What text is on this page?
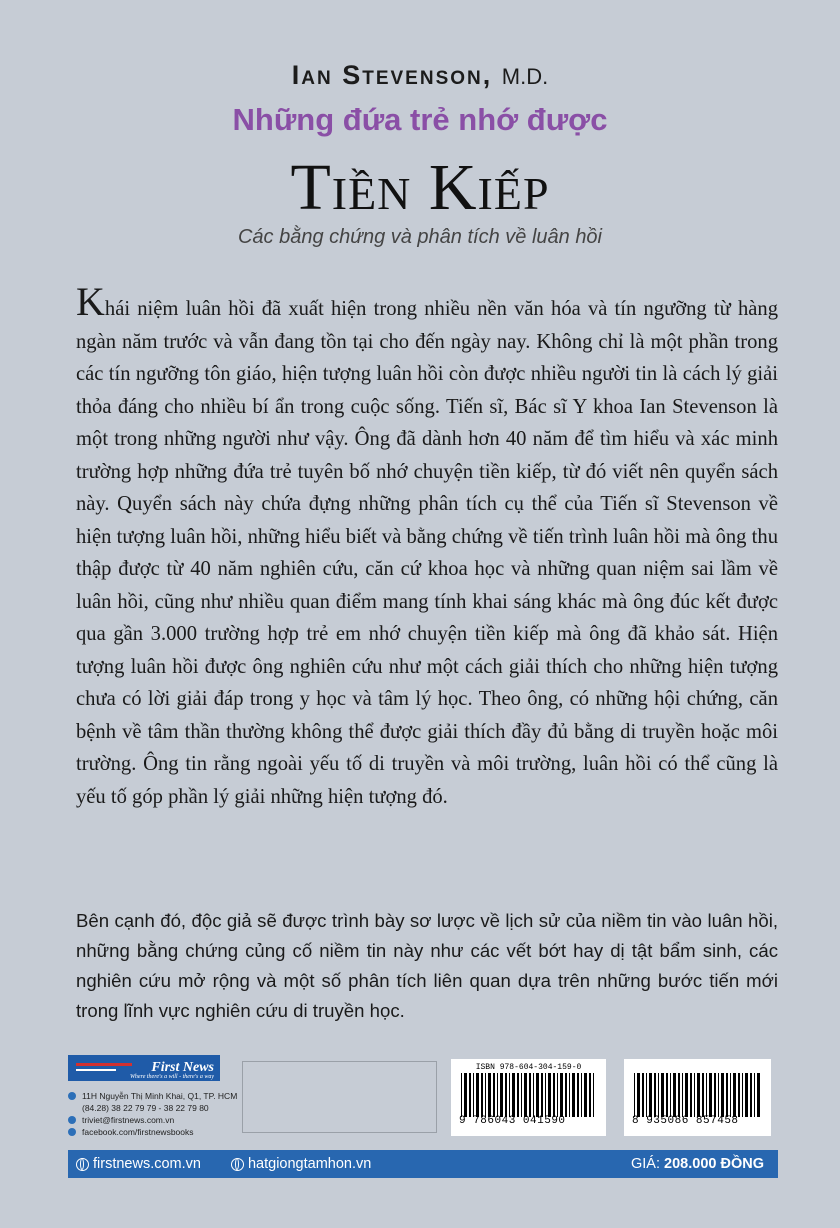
Ian Stevenson, M.D.
Những đứa trẻ nhớ được
Tiền Kiếp
Các bằng chứng và phân tích về luân hồi

Khái niệm luân hồi đã xuất hiện trong nhiều nền văn hóa và tín ngưỡng từ hàng ngàn năm trước và vẫn đang tồn tại cho đến ngày nay. Không chỉ là một phần trong các tín ngưỡng tôn giáo, hiện tượng luân hồi còn được nhiều người tin là cách lý giải thỏa đáng cho nhiều bí ẩn trong cuộc sống. Tiến sĩ, Bác sĩ Y khoa Ian Stevenson là một trong những người như vậy. Ông đã dành hơn 40 năm để tìm hiểu và xác minh trường hợp những đứa trẻ tuyên bố nhớ chuyện tiền kiếp, từ đó viết nên quyển sách này. Quyển sách này chứa đựng những phân tích cụ thể của Tiến sĩ Stevenson về hiện tượng luân hồi, những hiểu biết và bằng chứng về tiến trình luân hồi mà ông thu thập được từ 40 năm nghiên cứu, căn cứ khoa học và những quan niệm sai lầm về luân hồi, cũng như nhiều quan điểm mang tính khai sáng khác mà ông đúc kết được qua gần 3.000 trường hợp trẻ em nhớ chuyện tiền kiếp mà ông đã khảo sát. Hiện tượng luân hồi được ông nghiên cứu như một cách giải thích cho những hiện tượng chưa có lời giải đáp trong y học và tâm lý học. Theo ông, có những hội chứng, căn bệnh về tâm thần thường không thể được giải thích đầy đủ bằng di truyền hoặc môi trường. Ông tin rằng ngoài yếu tố di truyền và môi trường, luân hồi có thể cũng là yếu tố góp phần lý giải những hiện tượng đó.

Bên cạnh đó, độc giả sẽ được trình bày sơ lược về lịch sử của niềm tin vào luân hồi, những bằng chứng củng cố niềm tin này như các vết bớt hay dị tật bẩm sinh, các nghiên cứu mở rộng và một số phân tích liên quan dựa trên những bước tiến mới trong lĩnh vực nghiên cứu di truyền học.

First News
Where there's a will - there's a way
11H Nguyễn Thị Minh Khai, Q1, TP. HCM
(84.28) 38 22 79 79 - 38 22 79 80
triviet@firstnews.com.vn
facebook.com/firstnewsbooks
ISBN 978-604-304-159-0
9 786043 041590	8 935086 857458
firstnews.com.vn	hatgiongtamhon.vn	GIÁ: 208.000 ĐỒNG
